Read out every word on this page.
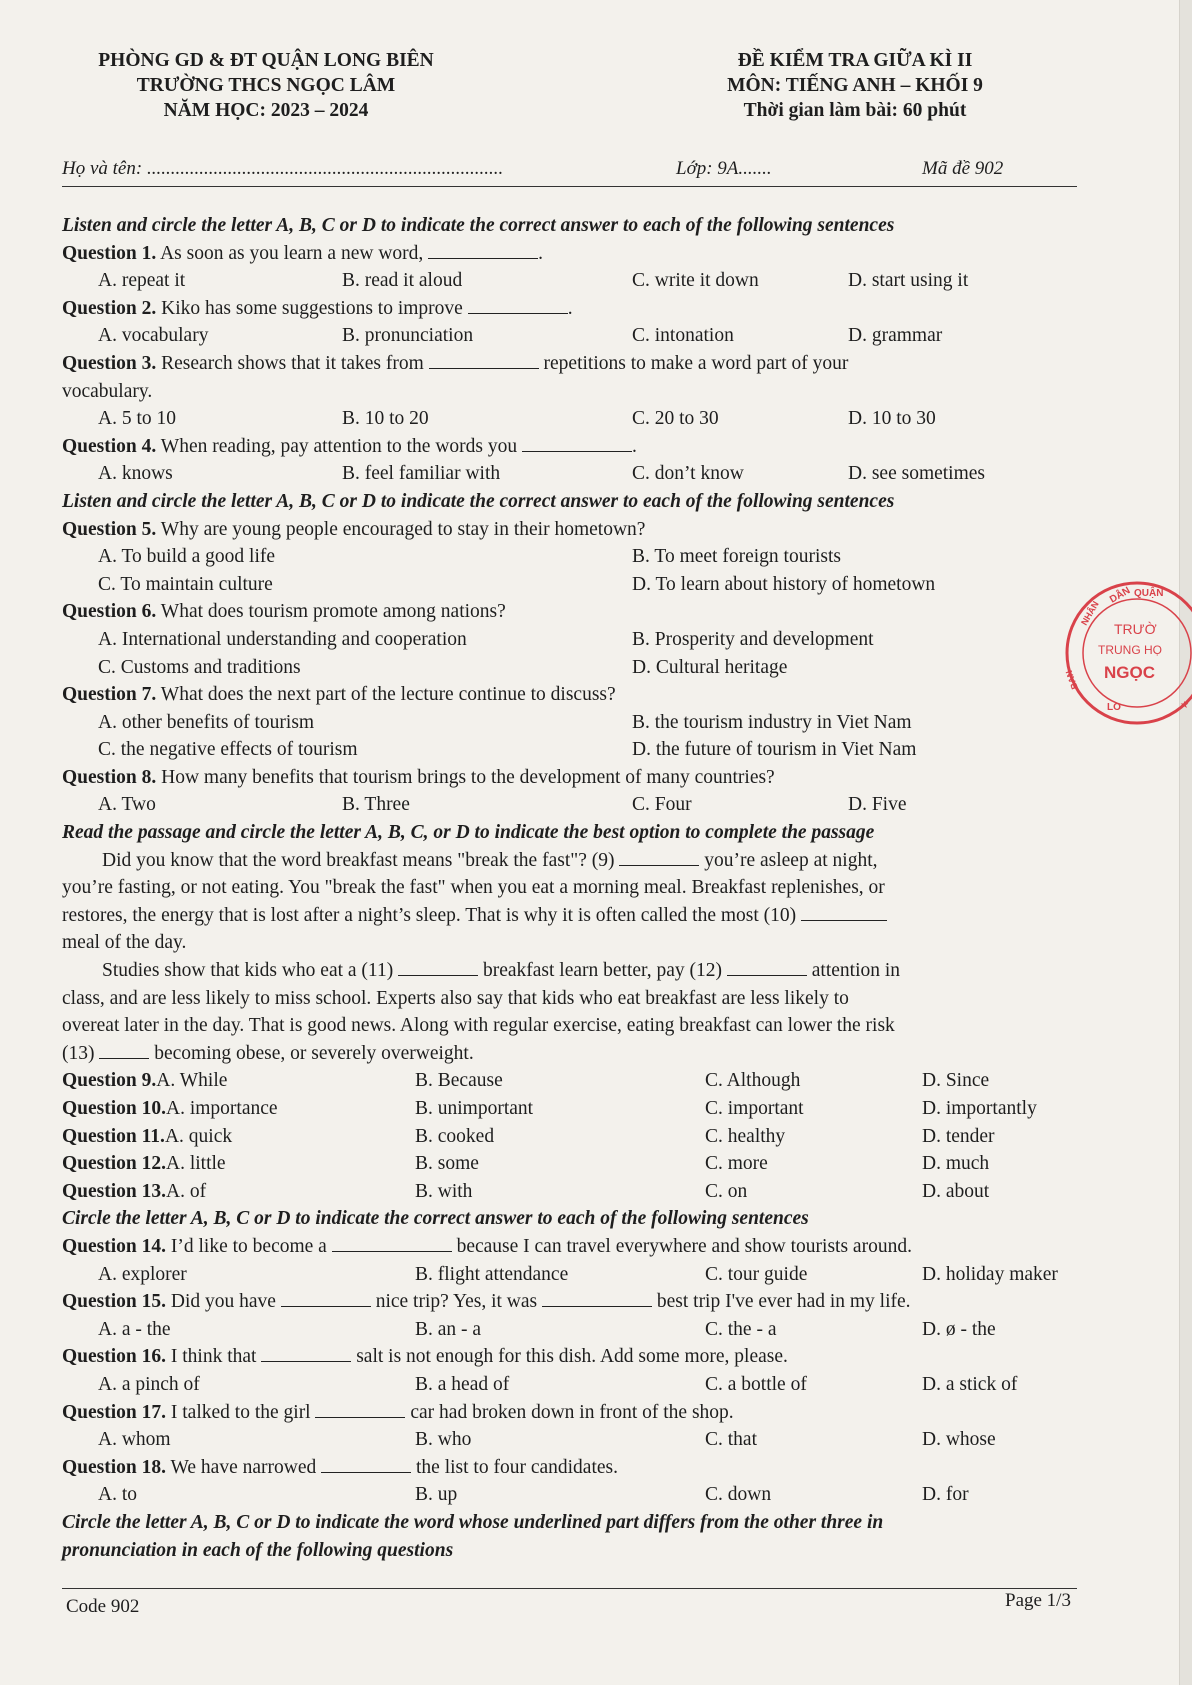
PHÒNG GD & ĐT QUẬN LONG BIÊN
TRƯỜNG THCS NGỌC LÂM
NĂM HỌC: 2023 – 2024
ĐỀ KIỂM TRA GIỮA KÌ II
MÔN: TIẾNG ANH – KHỐI 9
Thời gian làm bài: 60 phút
Họ và tên: ...........................................................................	Lớp: 9A.......	Mã đề 902
Listen and circle the letter A, B, C or D to indicate the correct answer to each of the following sentences
Question 1. As soon as you learn a new word,	.
A. repeat it	B. read it aloud	C. write it down	D. start using it
Question 2. Kiko has some suggestions to improve	.
A. vocabulary	B. pronunciation	C. intonation	D. grammar
Question 3. Research shows that it takes from	repetitions to make a word part of your
vocabulary.
A. 5 to 10	B. 10 to 20	C. 20 to 30	D. 10 to 30
Question 4. When reading, pay attention to the words you	.
A. knows	B. feel familiar with	C. don’t know	D. see sometimes
Listen and circle the letter A, B, C or D to indicate the correct answer to each of the following sentences
Question 5. Why are young people encouraged to stay in their hometown?
A. To build a good life	B. To meet foreign tourists
C. To maintain culture	D. To learn about history of hometown
Question 6. What does tourism promote among nations?
A. International understanding and cooperation	B. Prosperity and development
C. Customs and traditions	D. Cultural heritage
Question 7. What does the next part of the lecture continue to discuss?
A. other benefits of tourism	B. the tourism industry in Viet Nam
C. the negative effects of tourism	D. the future of tourism in Viet Nam
Question 8. How many benefits that tourism brings to the development of many countries?
A. Two	B. Three	C. Four	D. Five
Read the passage and circle the letter A, B, C, or D to indicate the best option to complete the passage
Did you know that the word breakfast means "break the fast"? (9)	you’re asleep at night,
you’re fasting, or not eating. You "break the fast" when you eat a morning meal. Breakfast replenishes, or
restores, the energy that is lost after a night’s sleep. That is why it is often called the most (10)
meal of the day.
Studies show that kids who eat a (11)	breakfast learn better, pay (12)	attention in
class, and are less likely to miss school. Experts also say that kids who eat breakfast are less likely to
overeat later in the day. That is good news. Along with regular exercise, eating breakfast can lower the risk
(13)	becoming obese, or severely overweight.
Question 9. A. While	B. Because	C. Although	D. Since
Question 10. A. importance	B. unimportant	C. important	D. importantly
Question 11. A. quick	B. cooked	C. healthy	D. tender
Question 12. A. little	B. some	C. more	D. much
Question 13. A. of	B. with	C. on	D. about
Circle the letter A, B, C or D to indicate the correct answer to each of the following sentences
Question 14. I’d like to become a	because I can travel everywhere and show tourists around.
A. explorer	B. flight attendance	C. tour guide	D. holiday maker
Question 15. Did you have	nice trip? Yes, it was	best trip I've ever had in my life.
A. a - the	B. an - a	C. the - a	D. ø - the
Question 16. I think that	salt is not enough for this dish. Add some more, please.
A. a pinch of	B. a head of	C. a bottle of	D. a stick of
Question 17. I talked to the girl	car had broken down in front of the shop.
A. whom	B. who	C. that	D. whose
Question 18. We have narrowed	the list to four candidates.
A. to	B. up	C. down	D. for
Circle the letter A, B, C or D to indicate the word whose underlined part differs from the other three in
pronunciation in each of the following questions
Code 902	Page 1/3
QUẬN
DÂN
NHÂN
BAN
TRƯỜ
TRUNG HỌ
NGỌC
LO	★
